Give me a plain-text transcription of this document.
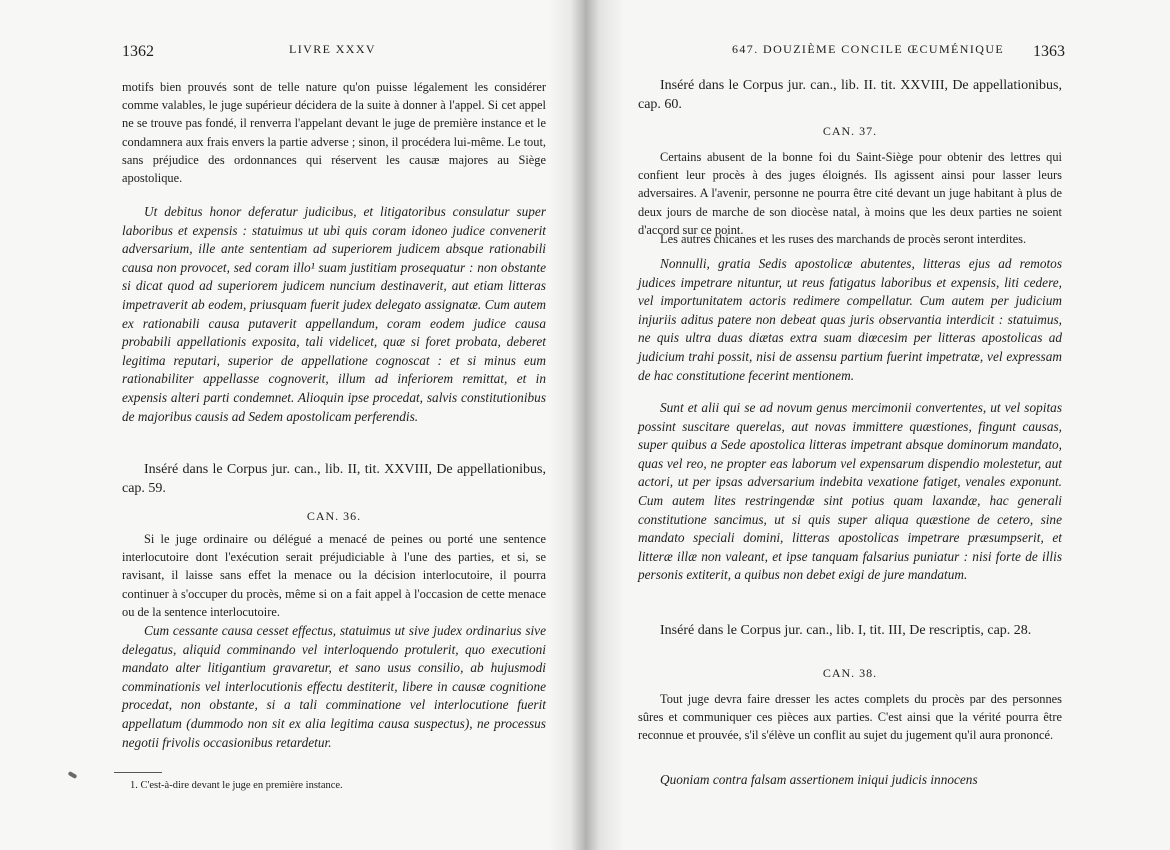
1362	LIVRE XXXV

motifs bien prouvés sont de telle nature qu'on puisse légalement les considérer comme valables, le juge supérieur décidera de la suite à donner à l'appel. Si cet appel ne se trouve pas fondé, il renverra l'appelant devant le juge de première instance et le condamnera aux frais envers la partie adverse ; sinon, il procédera lui-même. Le tout, sans préjudice des ordonnances qui réservent les causæ majores au Siège apostolique.

Ut debitus honor deferatur judicibus, et litigatoribus consulatur super laboribus et expensis : statuimus ut ubi quis coram idoneo judice convenerit adversarium, ille ante sententiam ad superiorem judicem absque rationabili causa non provocet, sed coram illo¹ suam justitiam prosequatur : non obstante si dicat quod ad superiorem judicem nuncium destinaverit, aut etiam litteras impetraverit ab eodem, priusquam fuerit judex delegato assignatæ. Cum autem ex rationabili causa putaverit appellandum, coram eodem judice causa probabili appellationis exposita, tali videlicet, quæ si foret probata, deberet legitima reputari, superior de appellatione cognoscat : et si minus eum rationabiliter appellasse cognoverit, illum ad inferiorem remittat, et in expensis alteri parti condemnet. Alioquin ipse procedat, salvis constitutionibus de majoribus causis ad Sedem apostolicam perferendis.

Inséré dans le Corpus jur. can., lib. II, tit. XXVIII, De appellationibus, cap. 59.

CAN. 36.

Si le juge ordinaire ou délégué a menacé de peines ou porté une sentence interlocutoire dont l'exécution serait préjudiciable à l'une des parties, et si, se ravisant, il laisse sans effet la menace ou la décision interlocutoire, il pourra continuer à s'occuper du procès, même si on a fait appel à l'occasion de cette menace ou de la sentence interlocutoire.

Cum cessante causa cesset effectus, statuimus ut sive judex ordinarius sive delegatus, aliquid comminando vel interloquendo protulerit, quo executioni mandato alter litigantium gravaretur, et sano usus consilio, ab hujusmodi comminationis vel interlocutionis effectu destiterit, libere in causæ cognitione procedat, non obstante, si a tali comminatione vel interlocutione fuerit appellatum (dummodo non sit ex alia legitima causa suspectus), ne processus negotii frivolis occasionibus retardetur.

1. C'est-à-dire devant le juge en première instance.
647. DOUZIÈME CONCILE ŒCUMÉNIQUE 1363

Inséré dans le Corpus jur. can., lib. II. tit. XXVIII, De appellationibus, cap. 60.

CAN. 37.

Certains abusent de la bonne foi du Saint-Siège pour obtenir des lettres qui confient leur procès à des juges éloignés. Ils agissent ainsi pour lasser leurs adversaires. A l'avenir, personne ne pourra être cité devant un juge habitant à plus de deux jours de marche de son diocèse natal, à moins que les deux parties ne soient d'accord sur ce point.

Les autres chicanes et les ruses des marchands de procès seront interdites.

Nonnulli, gratia Sedis apostolicæ abutentes, litteras ejus ad remotos judices impetrare nituntur, ut reus fatigatus laboribus et expensis, liti cedere, vel importunitatem actoris redimere compellatur. Cum autem per judicium injuriis aditus patere non debeat quas juris observantia interdicit : statuimus, ne quis ultra duas diætas extra suam diœcesim per litteras apostolicas ad judicium trahi possit, nisi de assensu partium fuerint impetratæ, vel expressam de hac constitutione fecerint mentionem.

Sunt et alii qui se ad novum genus mercimonii convertentes, ut vel sopitas possint suscitare querelas, aut novas immittere quæstiones, fingunt causas, super quibus a Sede apostolica litteras impetrant absque dominorum mandato, quas vel reo, ne propter eas laborum vel expensarum dispendio molestetur, aut actori, ut per ipsas adversarium indebita vexatione fatiget, venales exponunt. Cum autem lites restringendæ sint potius quam laxandæ, hac generali constitutione sancimus, ut si quis super aliqua quæstione de cetero, sine mandato speciali domini, litteras apostolicas impetrare præsumpserit, et litteræ illæ non valeant, et ipse tanquam falsarius puniatur : nisi forte de illis personis extiterit, a quibus non debet exigi de jure mandatum.

Inséré dans le Corpus jur. can., lib. I, tit. III, De rescriptis, cap. 28.

CAN. 38.

Tout juge devra faire dresser les actes complets du procès par des personnes sûres et communiquer ces pièces aux parties. C'est ainsi que la vérité pourra être reconnue et prouvée, s'il s'élève un conflit au sujet du jugement qu'il aura prononcé.

Quoniam contra falsam assertionem iniqui judicis innocens
